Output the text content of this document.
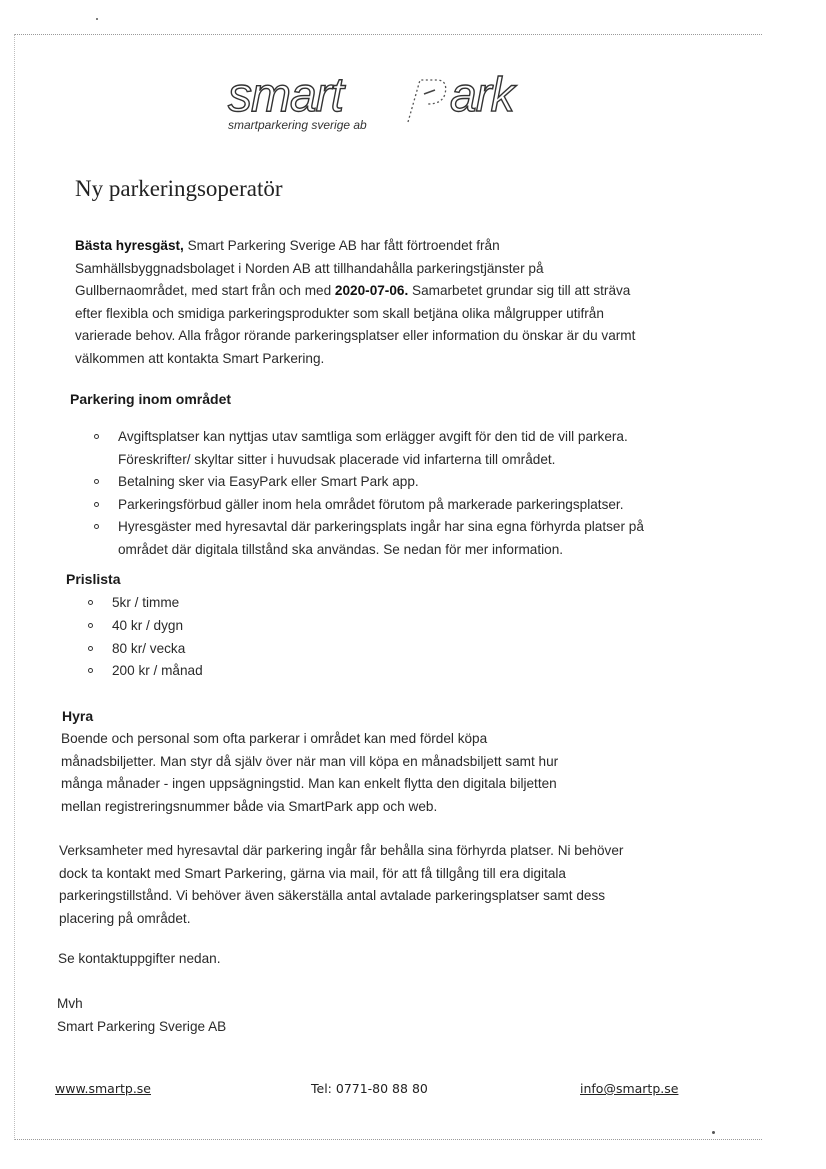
smart ark
smartparkering sverige ab
Ny parkeringsoperatör

Bästa hyresgäst, Smart Parkering Sverige AB har fått förtroendet från
Samhällsbyggnadsbolaget i Norden AB att tillhandahålla parkeringstjänster på
Gullbernaområdet, med start från och med 2020-07-06. Samarbetet grundar sig till att sträva
efter flexibla och smidiga parkeringsprodukter som skall betjäna olika målgrupper utifrån
varierade behov. Alla frågor rörande parkeringsplatser eller information du önskar är du varmt
välkommen att kontakta Smart Parkering.

Parkering inom området
Avgiftsplatser kan nyttjas utav samtliga som erlägger avgift för den tid de vill parkera.
Föreskrifter/ skyltar sitter i huvudsak placerade vid infarterna till området.
Betalning sker via EasyPark eller Smart Park app.
Parkeringsförbud gäller inom hela området förutom på markerade parkeringsplatser.
Hyresgäster med hyresavtal där parkeringsplats ingår har sina egna förhyrda platser på
området där digitala tillstånd ska användas. Se nedan för mer information.
Prislista
5kr / timme
40 kr / dygn
80 kr/ vecka
200 kr / månad
Hyra

Boende och personal som ofta parkerar i området kan med fördel köpa
månadsbiljetter. Man styr då själv över när man vill köpa en månadsbiljett samt hur
många månader - ingen uppsägningstid. Man kan enkelt flytta den digitala biljetten
mellan registreringsnummer både via SmartPark app och web.

Verksamheter med hyresavtal där parkering ingår får behålla sina förhyrda platser. Ni behöver
dock ta kontakt med Smart Parkering, gärna via mail, för att få tillgång till era digitala
parkeringstillstånd. Vi behöver även säkerställa antal avtalade parkeringsplatser samt dess
placering på området.

Se kontaktuppgifter nedan.

Mvh
Smart Parkering Sverige AB

www.smartp.se	Tel: 0771-80 88 80	info@smartp.se
